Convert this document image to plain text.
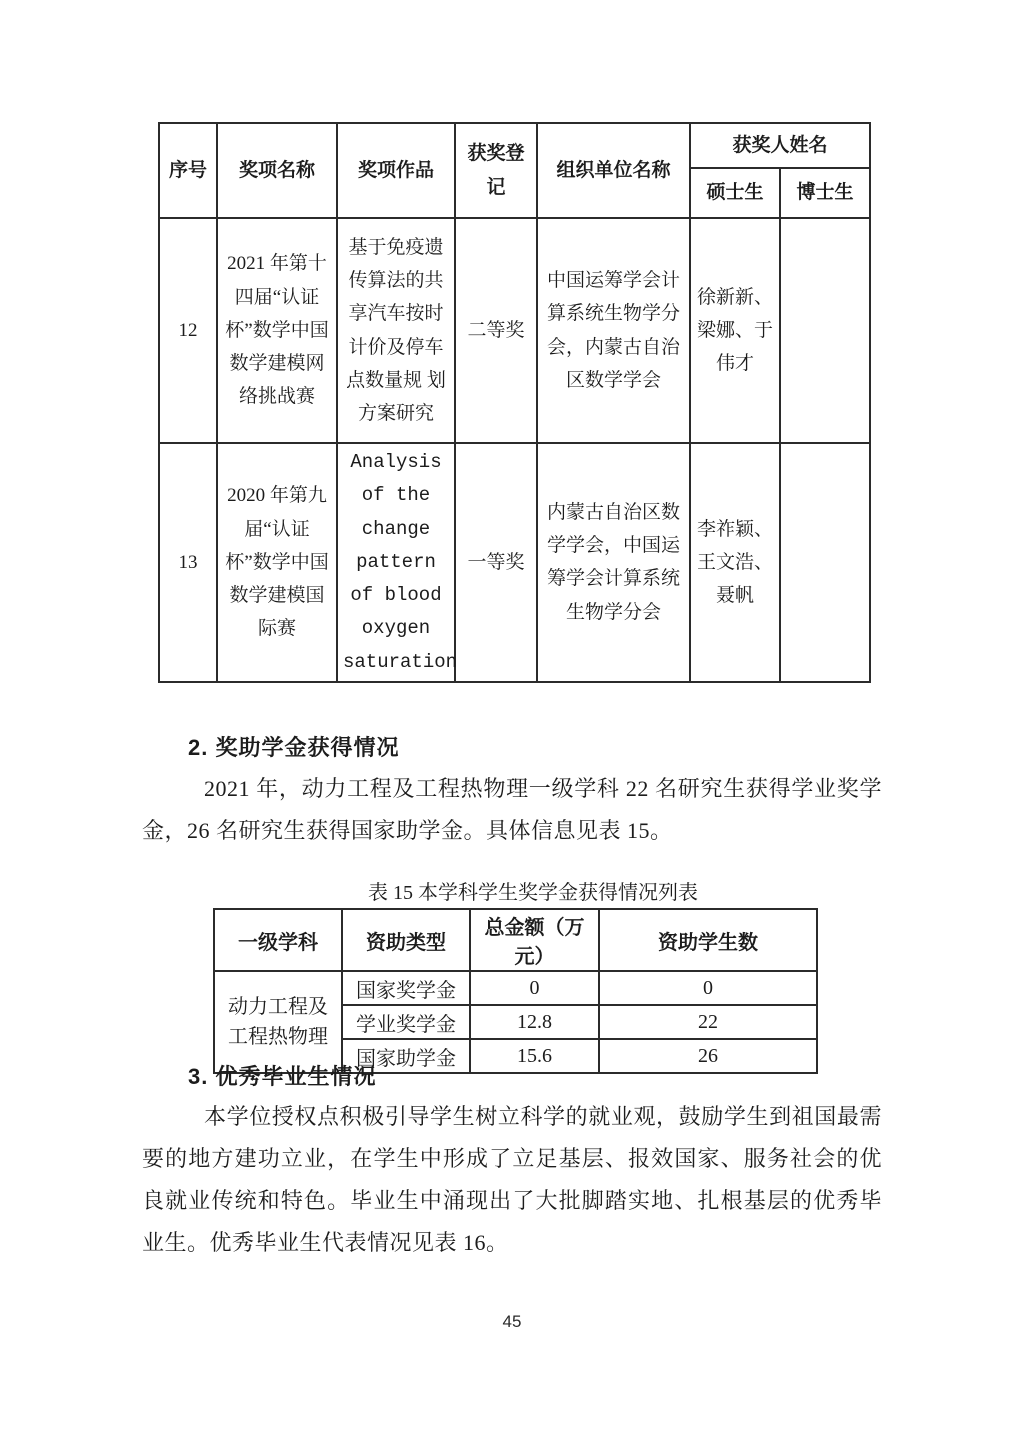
序号	奖项名称	奖项作品	获奖登记	组织单位名称	获奖人姓名	
					硕士生	博士生
12	2021 年第十四届“认证杯”数学中国数学建模网络挑战赛	基于免疫遗传算法的共享汽车按时计价及停车点数量规 划 方案研究	二等奖	中国运筹学会计算系统生物学分会，内蒙古自治区数学学会	徐新新、梁娜、于伟才	
13	2020 年第九届“认证杯”数学中国数学建模国际赛	Analysis of the change pattern of blood oxygen saturation	一等奖	内蒙古自治区数学学会，中国运筹学会计算系统生物学分会	李祚颖、王文浩、聂帆	
2. 奖助学金获得情况
2021 年，动力工程及工程热物理一级学科 22 名研究生获得学业奖学金，26 名研究生获得国家助学金。具体信息见表 15。
表 15 本学科学生奖学金获得情况列表
一级学科	资助类型	总金额（万元）	资助学生数
动力工程及工程热物理	国家奖学金	0	0
	学业奖学金	12.8	22
	国家助学金	15.6	26
3. 优秀毕业生情况
本学位授权点积极引导学生树立科学的就业观，鼓励学生到祖国最需要的地方建功立业，在学生中形成了立足基层、报效国家、服务社会的优良就业传统和特色。毕业生中涌现出了大批脚踏实地、扎根基层的优秀毕业生。优秀毕业生代表情况见表 16。
45
